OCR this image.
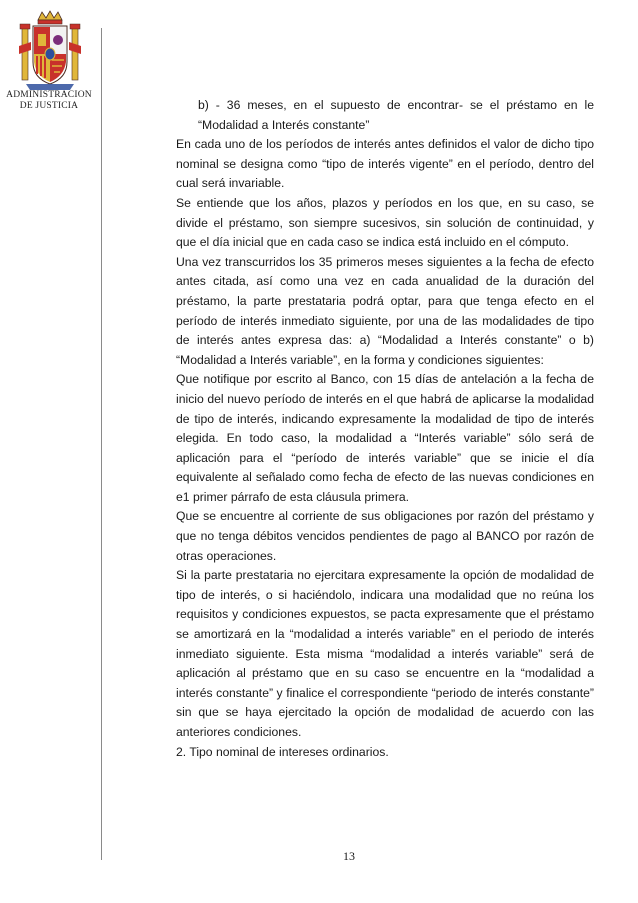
ADMINISTRACION
DE JUSTICIA	b) - 36 meses, en el supuesto de encontrar- se el préstamo en le “Modalidad a Interés constante”

En cada uno de los períodos de interés antes definidos el valor de dicho tipo nominal se designa como “tipo de interés vigente” en el período, dentro del cual será invariable.

Se entiende que los años, plazos y períodos en los que, en su caso, se divide el préstamo, son siempre sucesivos, sin solución de continuidad, y que el día inicial que en cada caso se indica está incluido en el cómputo.

Una vez transcurridos los 35 primeros meses siguientes a la fecha de efecto antes citada, así como una vez en cada anualidad de la duración del préstamo, la parte prestataria podrá optar, para que tenga efecto en el período de interés inmediato siguiente, por una de las modalidades de tipo de interés antes expresa das: a) “Modalidad a Interés constante” o b) “Modalidad a Interés variable”, en la forma y condiciones siguientes:

Que notifique por escrito al Banco, con 15 días de antelación a la fecha de inicio del nuevo período de interés en el que habrá de aplicarse la modalidad de tipo de interés, indicando expresamente la modalidad de tipo de interés elegida. En todo caso, la modalidad a “Interés variable” sólo será de aplicación para el “período de interés variable” que se inicie el día equivalente al señalado como fecha de efecto de las nuevas condiciones en e1 primer párrafo de esta cláusula primera.

Que se encuentre al corriente de sus obligaciones por razón del préstamo y que no tenga débitos vencidos pendientes de pago al BANCO por razón de otras operaciones.

Si la parte prestataria no ejercitara expresamente la opción de modalidad de tipo de interés, o si haciéndolo, indicara una modalidad que no reúna los requisitos y condiciones expuestos, se pacta expresamente que el préstamo se amortizará en la “modalidad a interés variable” en el periodo de interés inmediato siguiente. Esta misma “modalidad a interés variable” será de aplicación al préstamo que en su caso se encuentre en la “modalidad a interés constante” y finalice el correspondiente “periodo de interés constante” sin que se haya ejercitado la opción de modalidad de acuerdo con las anteriores condiciones.

2. Tipo nominal de intereses ordinarios.

13
